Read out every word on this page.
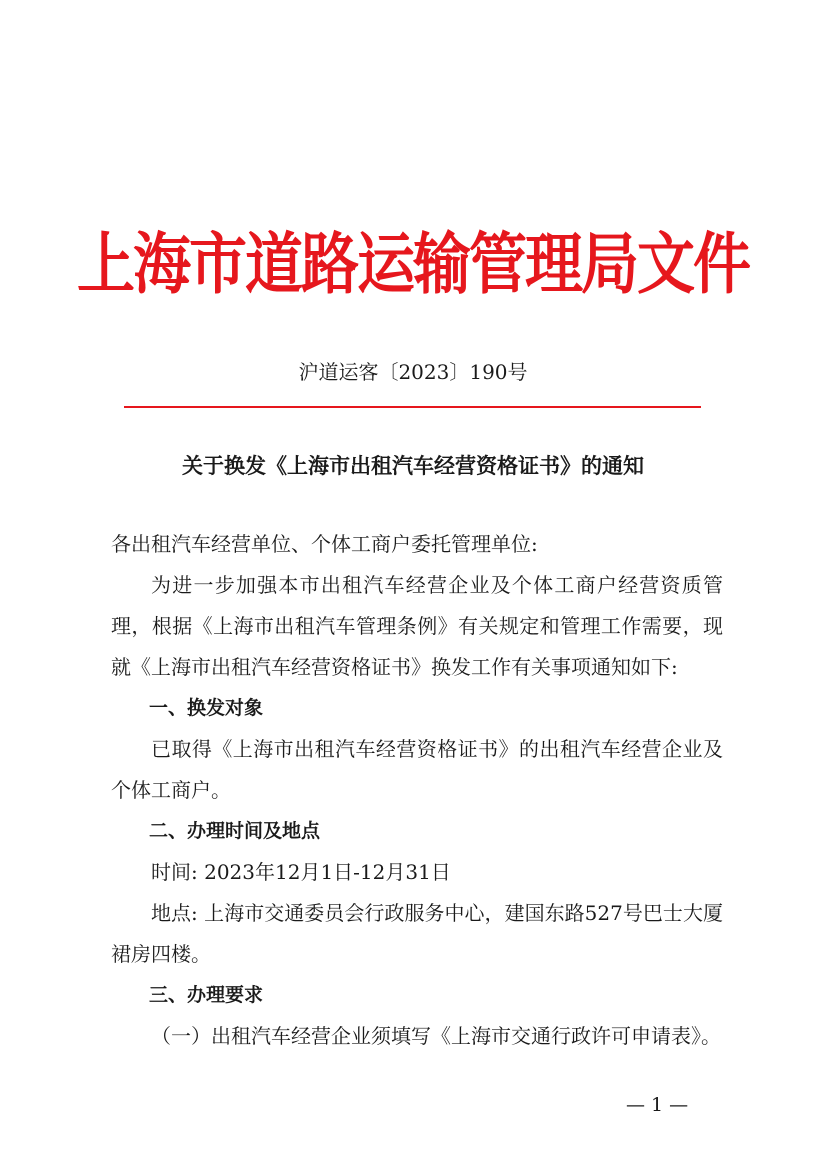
上海市道路运输管理局文件
沪道运客〔2023〕190号
关于换发《上海市出租汽车经营资格证书》的通知

各出租汽车经营单位、个体工商户委托管理单位:

为进一步加强本市出租汽车经营企业及个体工商户经营资质管理，根据《上海市出租汽车管理条例》有关规定和管理工作需要，现就《上海市出租汽车经营资格证书》换发工作有关事项通知如下:

一、换发对象

已取得《上海市出租汽车经营资格证书》的出租汽车经营企业及个体工商户。

二、办理时间及地点

时间: 2023年12月1日-12月31日

地点: 上海市交通委员会行政服务中心，建国东路527号巴士大厦裙房四楼。

三、办理要求

（一）出租汽车经营企业须填写《上海市交通行政许可申请表》。

— 1 —
